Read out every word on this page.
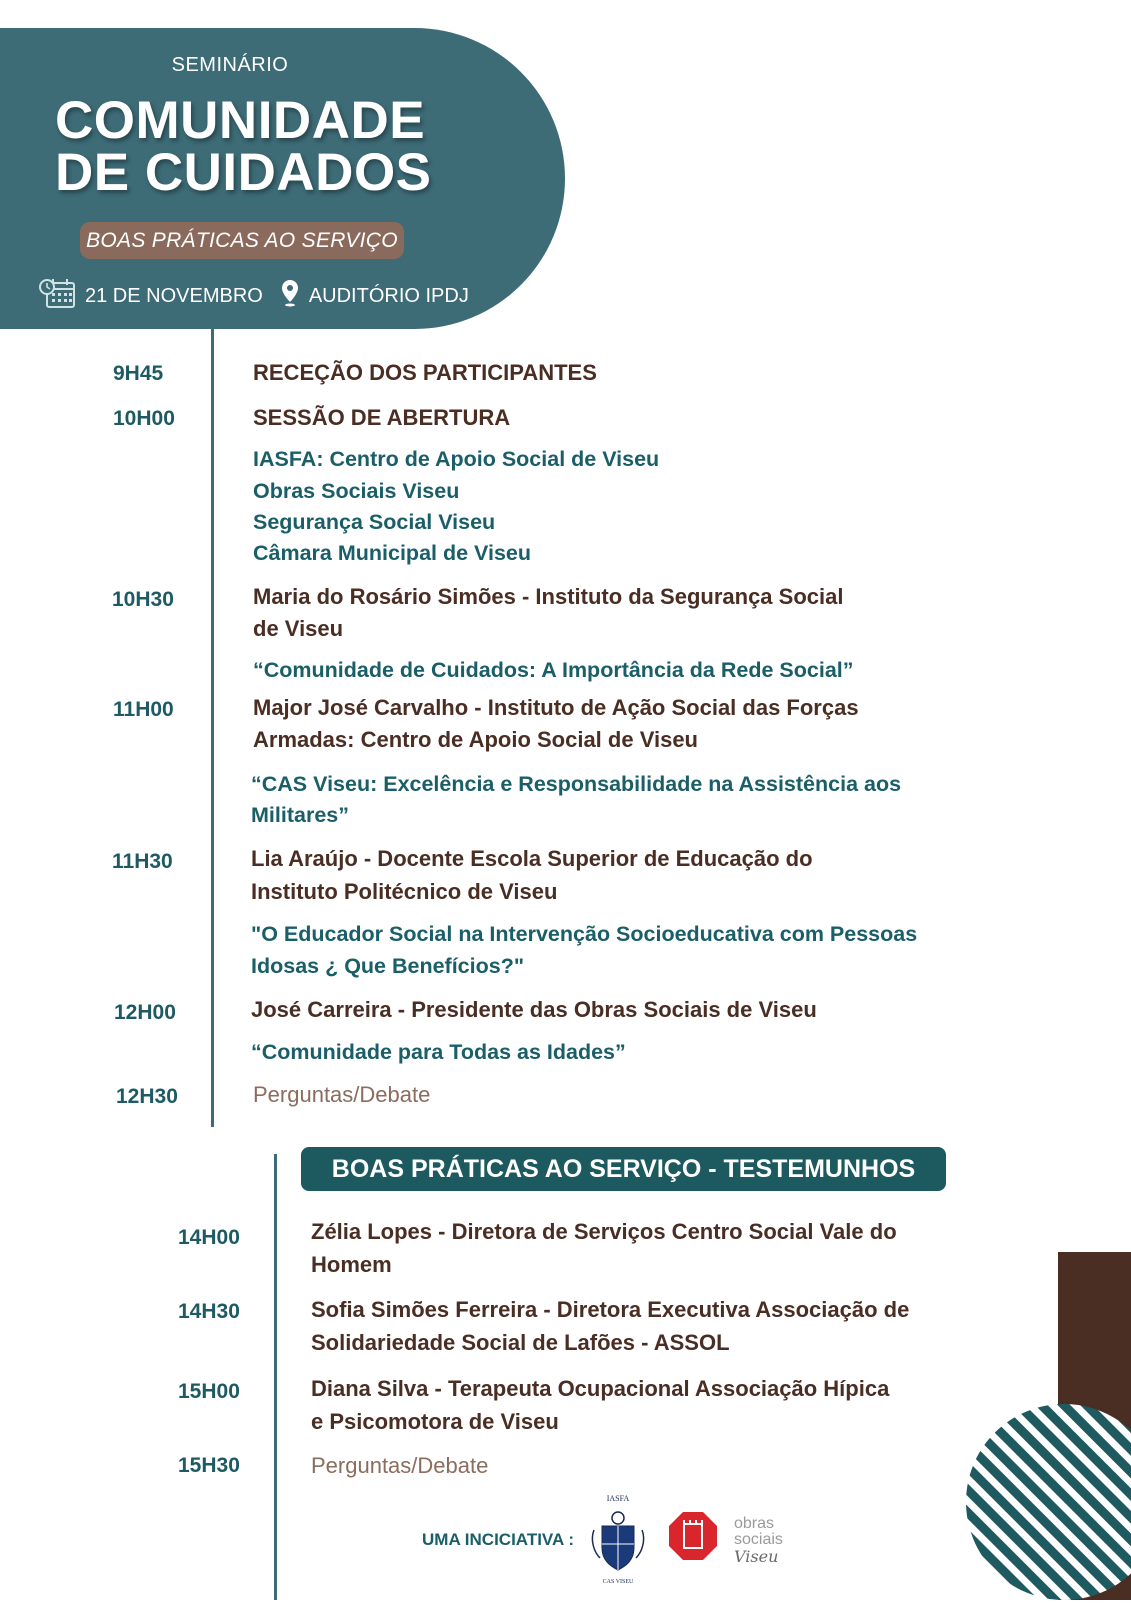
SEMINÁRIO
COMUNIDADE
DE CUIDADOS
BOAS PRÁTICAS AO SERVIÇO
21 DE NOVEMBRO AUDITÓRIO IPDJ
9H45	RECEÇÃO DOS PARTICIPANTES
10H00	SESSÃO DE ABERTURA
IASFA: Centro de Apoio Social de Viseu
Obras Sociais Viseu
Segurança Social Viseu
Câmara Municipal de Viseu
10H30	Maria do Rosário Simões - Instituto da Segurança Social
de Viseu
“Comunidade de Cuidados: A Importância da Rede Social”
11H00	Major José Carvalho - Instituto de Ação Social das Forças
Armadas: Centro de Apoio Social de Viseu
“CAS Viseu: Excelência e Responsabilidade na Assistência aos
Militares”
11H30	Lia Araújo - Docente Escola Superior de Educação do
Instituto Politécnico de Viseu
"O Educador Social na Intervenção Socioeducativa com Pessoas
Idosas ¿ Que Benefícios?"
12H00	José Carreira - Presidente das Obras Sociais de Viseu
“Comunidade para Todas as Idades”
12H30	Perguntas/Debate
BOAS PRÁTICAS AO SERVIÇO - TESTEMUNHOS
14H00	Zélia Lopes - Diretora de Serviços Centro Social Vale do
Homem
14H30	Sofia Simões Ferreira - Diretora Executiva Associação de
Solidariedade Social de Lafões - ASSOL
15H00	Diana Silva - Terapeuta Ocupacional Associação Hípica
e Psicomotora de Viseu
15H30	Perguntas/Debate
UMA INCICIATIVA :
IASFA
CAS VISEU
obras
sociais
Viseu
